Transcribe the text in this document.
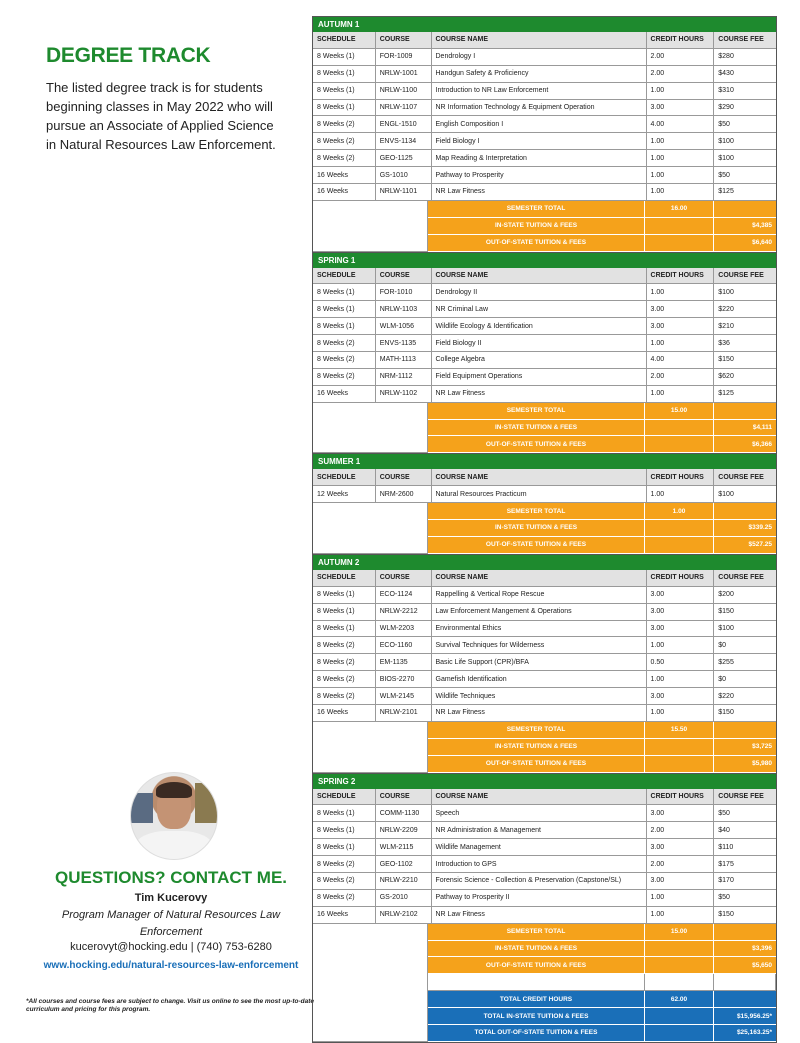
DEGREE TRACK
The listed degree track is for students beginning classes in May 2022 who will pursue an Associate of Applied Science in Natural Resources Law Enforcement.
QUESTIONS? CONTACT ME.
Tim Kucerovy
Program Manager of Natural Resources Law Enforcement
kucerovyt@hocking.edu | (740) 753-6280
www.hocking.edu/natural-resources-law-enforcement
*All courses and course fees are subject to change. Visit us online to see the most up-to-date curriculum and pricing for this program.
AUTUMN 1
SCHEDULE	COURSE	COURSE NAME	CREDIT HOURS	COURSE FEE
8 Weeks (1)	FOR-1009	Dendrology I	2.00	$280
8 Weeks (1)	NRLW-1001	Handgun Safety & Proficiency	2.00	$430
8 Weeks (1)	NRLW-1100	Introduction to NR Law Enforcement	1.00	$310
8 Weeks (1)	NRLW-1107	NR Information Technology & Equipment Operation	3.00	$290
8 Weeks (2)	ENGL-1510	English Composition I	4.00	$50
8 Weeks (2)	ENVS-1134	Field Biology I	1.00	$100
8 Weeks (2)	GEO-1125	Map Reading & Interpretation	1.00	$100
16 Weeks	GS-1010	Pathway to Prosperity	1.00	$50
16 Weeks	NRLW-1101	NR Law Fitness	1.00	$125
SEMESTER TOTAL	16.00
IN-STATE TUITION & FEES	$4,385
OUT-OF-STATE TUITION & FEES	$6,640
SPRING 1
SCHEDULE	COURSE	COURSE NAME	CREDIT HOURS	COURSE FEE
8 Weeks (1)	FOR-1010	Dendrology II	1.00	$100
8 Weeks (1)	NRLW-1103	NR Criminal Law	3.00	$220
8 Weeks (1)	WLM-1056	Wildlife Ecology & Identification	3.00	$210
8 Weeks (2)	ENVS-1135	Field Biology II	1.00	$36
8 Weeks (2)	MATH-1113	College Algebra	4.00	$150
8 Weeks (2)	NRM-1112	Field Equipment Operations	2.00	$620
16 Weeks	NRLW-1102	NR Law Fitness	1.00	$125
SEMESTER TOTAL	15.00
IN-STATE TUITION & FEES	$4,111
OUT-OF-STATE TUITION & FEES	$6,366
SUMMER 1
SCHEDULE	COURSE	COURSE NAME	CREDIT HOURS	COURSE FEE
12 Weeks	NRM-2600	Natural Resources Practicum	1.00	$100
SEMESTER TOTAL	1.00
IN-STATE TUITION & FEES	$339.25
OUT-OF-STATE TUITION & FEES	$527.25
AUTUMN 2
SCHEDULE	COURSE	COURSE NAME	CREDIT HOURS	COURSE FEE
8 Weeks (1)	ECO-1124	Rappelling & Vertical Rope Rescue	3.00	$200
8 Weeks (1)	NRLW-2212	Law Enforcement Mangement & Operations	3.00	$150
8 Weeks (1)	WLM-2203	Environmental Ethics	3.00	$100
8 Weeks (2)	ECO-1160	Survival Techniques for Wilderness	1.00	$0
8 Weeks (2)	EM-1135	Basic Life Support (CPR)/BFA	0.50	$255
8 Weeks (2)	BIOS-2270	Gamefish Identification	1.00	$0
8 Weeks (2)	WLM-2145	Wildlife Techniques	3.00	$220
16 Weeks	NRLW-2101	NR Law Fitness	1.00	$150
SEMESTER TOTAL	15.50
IN-STATE TUITION & FEES	$3,725
OUT-OF-STATE TUITION & FEES	$5,980
SPRING 2
SCHEDULE	COURSE	COURSE NAME	CREDIT HOURS	COURSE FEE
8 Weeks (1)	COMM-1130	Speech	3.00	$50
8 Weeks (1)	NRLW-2209	NR Administration & Management	2.00	$40
8 Weeks (1)	WLM-2115	Wildlife Management	3.00	$110
8 Weeks (2)	GEO-1102	Introduction to GPS	2.00	$175
8 Weeks (2)	NRLW-2210	Forensic Science - Collection & Preservation (Capstone/SL)	3.00	$170
8 Weeks (2)	GS-2010	Pathway to Prosperity II	1.00	$50
16 Weeks	NRLW-2102	NR Law Fitness	1.00	$150
SEMESTER TOTAL	15.00
IN-STATE TUITION & FEES	$3,396
OUT-OF-STATE TUITION & FEES	$5,650
TOTAL CREDIT HOURS	62.00
TOTAL IN-STATE TUITION & FEES	$15,956.25*
TOTAL OUT-OF-STATE TUITION & FEES	$25,163.25*
